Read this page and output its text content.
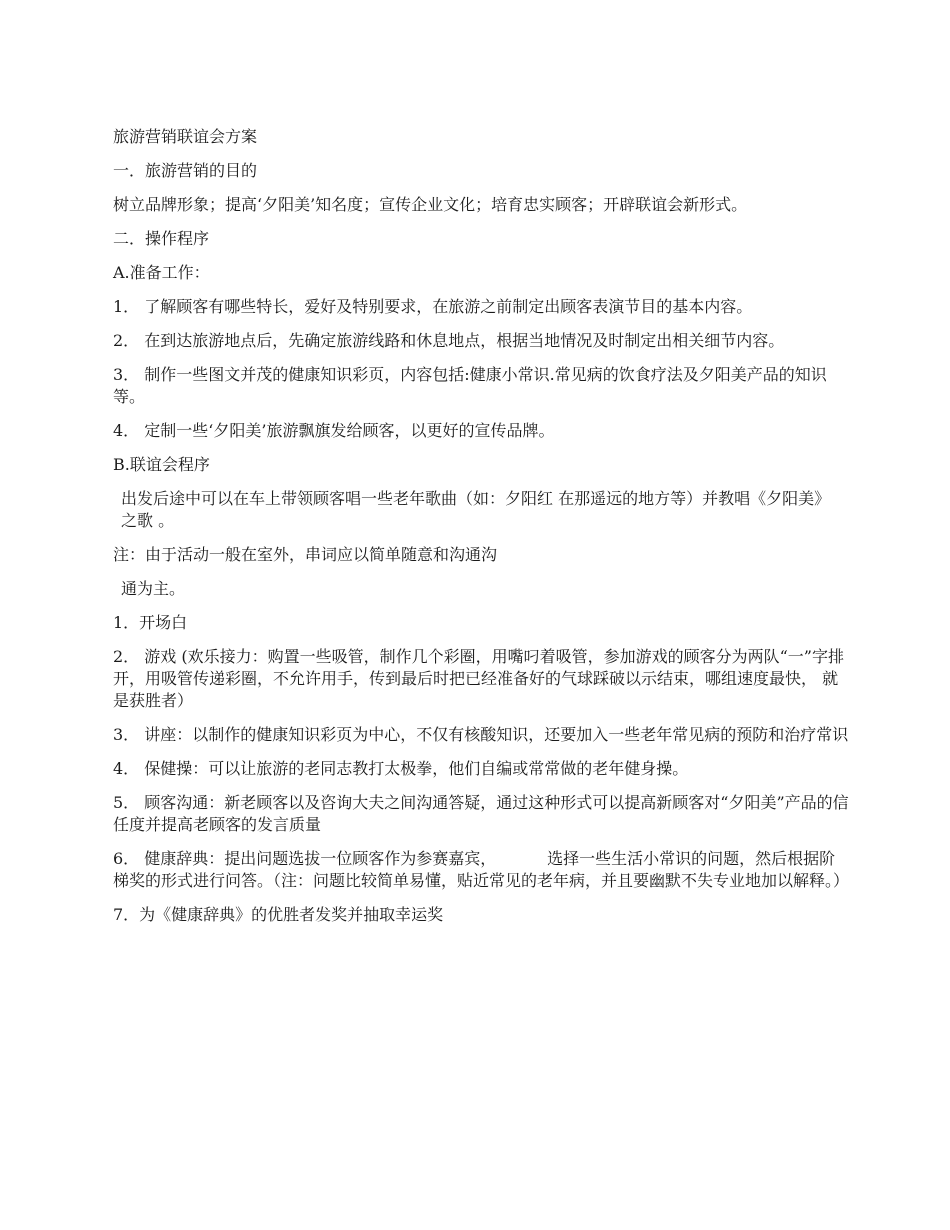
旅游营销联谊会方案

一．旅游营销的目的

树立品牌形象；提高‘夕阳美’知名度；宣传企业文化；培育忠实顾客；开辟联谊会新形式。

二．操作程序

A.准备工作：

1． 了解顾客有哪些特长，爱好及特别要求，在旅游之前制定出顾客表演节目的基本内容。

2． 在到达旅游地点后，先确定旅游线路和休息地点，根据当地情况及时制定出相关细节内容。

3． 制作一些图文并茂的健康知识彩页，内容包括:健康小常识.常见病的饮食疗法及夕阳美产品的知识等。

4． 定制一些‘夕阳美’旅游飘旗发给顾客，以更好的宣传品牌。

B.联谊会程序

出发后途中可以在车上带领顾客唱一些老年歌曲（如：夕阳红 在那遥远的地方等）并教唱《夕阳美》  之歌 。

注：由于活动一般在室外，串词应以简单随意和沟通沟

通为主。

1．开场白

2． 游戏 (欢乐接力：购置一些吸管，制作几个彩圈，用嘴叼着吸管，参加游戏的顾客分为两队“一”字排开，用吸管传递彩圈，不允许用手，传到最后时把已经准备好的气球踩破以示结束，哪组速度最快， 就是获胜者）

3． 讲座：以制作的健康知识彩页为中心，不仅有核酸知识，还要加入一些老年常见病的预防和治疗常识

4． 保健操：可以让旅游的老同志教打太极拳，他们自编或常常做的老年健身操。

5． 顾客沟通：新老顾客以及咨询大夫之间沟通答疑，通过这种形式可以提高新顾客对“夕阳美”产品的信任度并提高老顾客的发言质量

6． 健康辞典：提出问题选拔一位顾客作为参赛嘉宾，          选择一些生活小常识的问题，然后根据阶梯奖的形式进行问答。（注：问题比较简单易懂，贴近常见的老年病，并且要幽默不失专业地加以解释。）

7．为《健康辞典》的优胜者发奖并抽取幸运奖
